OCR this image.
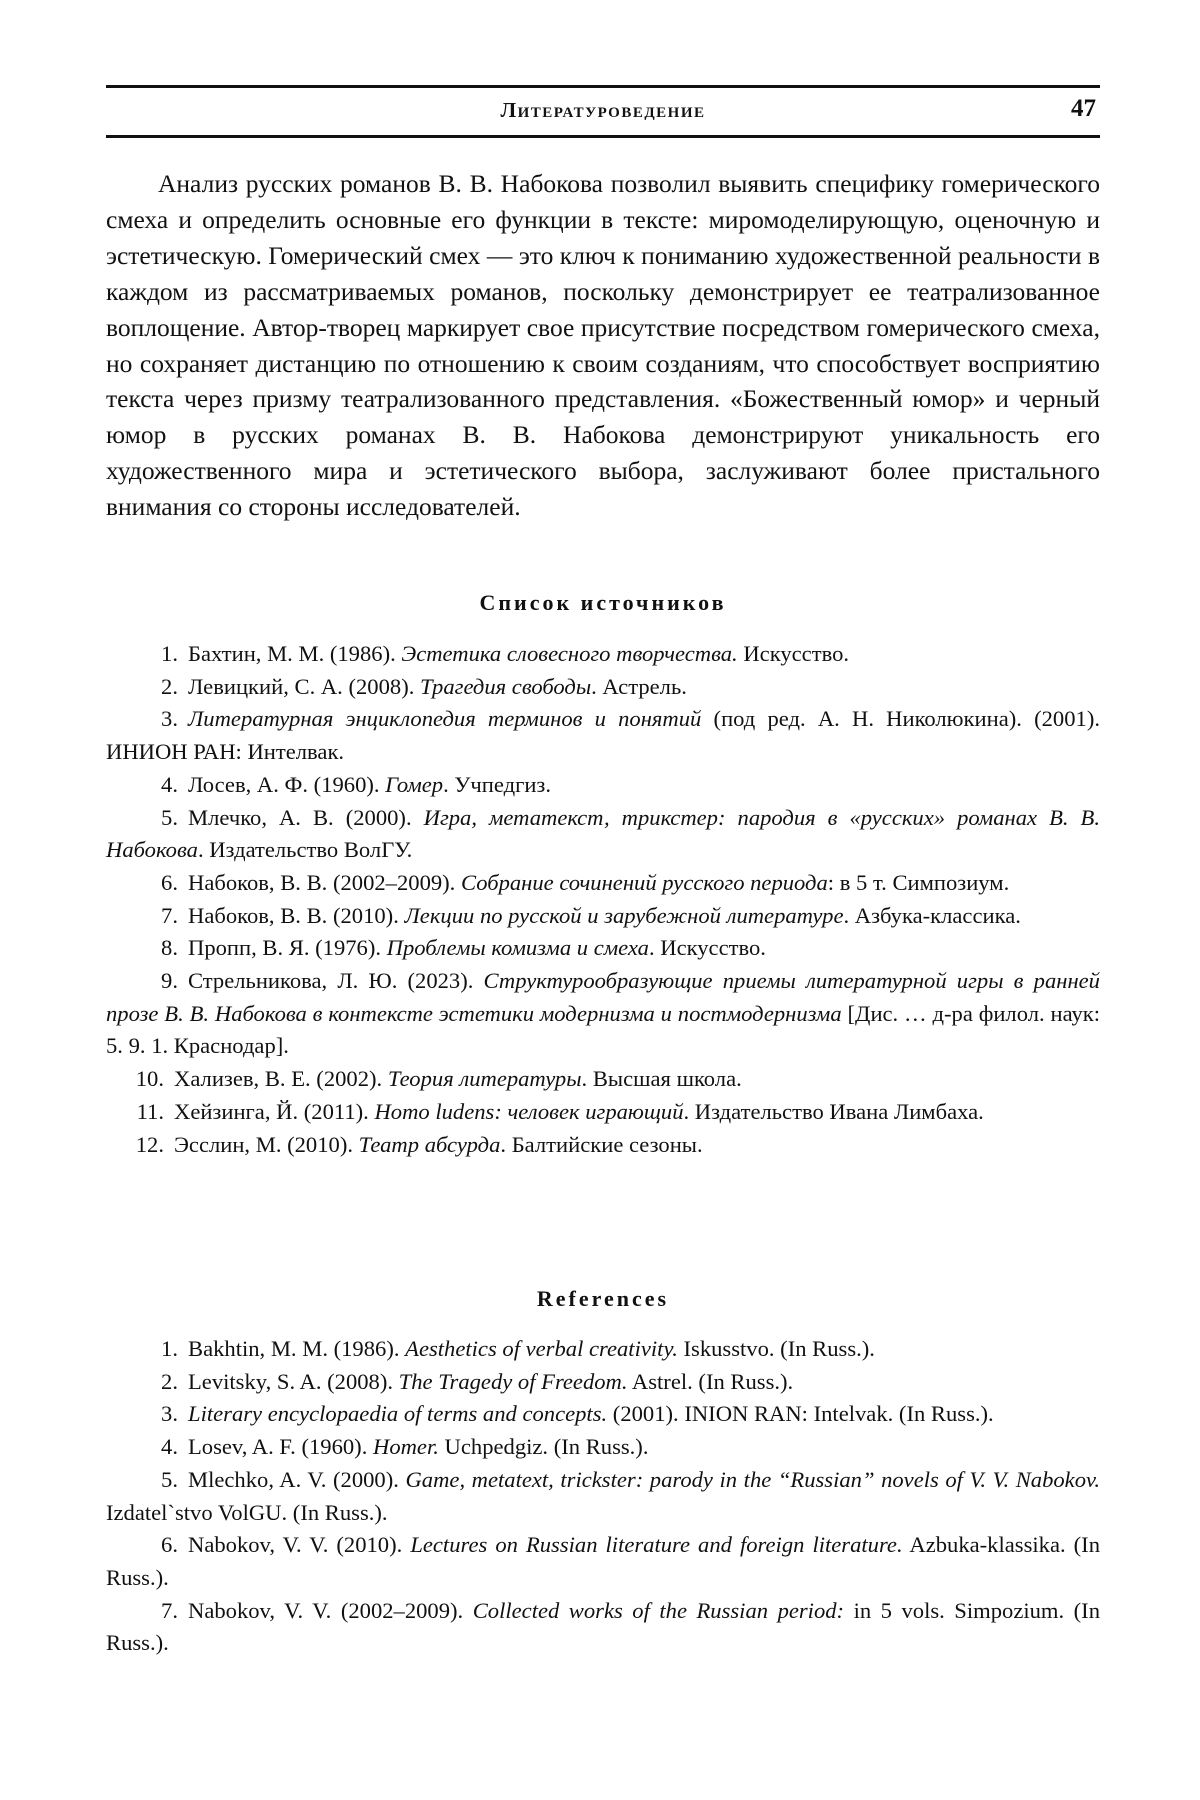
Литературоведение	47

Анализ русских романов В. В. Набокова позволил выявить специфику гомерического смеха и определить основные его функции в тексте: миромоделирующую, оценочную и эстетическую. Гомерический смех — это ключ к пониманию художественной реальности в каждом из рассматриваемых романов, поскольку демонстрирует ее театрализованное воплощение. Автор-творец маркирует свое присутствие посредством гомерического смеха, но сохраняет дистанцию по отношению к своим созданиям, что способствует восприятию текста через призму театрализованного представления. «Божественный юмор» и черный юмор в русских романах В. В. Набокова демонстрируют уникальность его художественного мира и эстетического выбора, заслуживают более пристального внимания со стороны исследователей.

Список источников

1. Бахтин, М. М. (1986). Эстетика словесного творчества. Искусство.

2. Левицкий, С. А. (2008). Трагедия свободы. Астрель.

3. Литературная энциклопедия терминов и понятий (под ред. А. Н. Николюки­на). (2001). ИНИОН РАН: Интелвак.

4. Лосев, А. Ф. (1960). Гомер. Учпедгиз.

5. Млечко, А. В. (2000). Игра, метатекст, трикстер: пародия в «русских» рома­нах В. В. Набокова. Издательство ВолГУ.

6. Набоков, В. В. (2002–2009). Собрание сочинений русского периода: в 5 т. Симпозиум.

7. Набоков, В. В. (2010). Лекции по русской и зарубежной литературе. Азбука-классика.

8. Пропп, В. Я. (1976). Проблемы комизма и смеха. Искусство.

9. Стрельникова, Л. Ю. (2023). Структурообразующие приемы литературной игры в ранней прозе В. В. Набокова в контексте эстетики модернизма и постмодер­низма [Дис. … д-ра филол. наук: 5. 9. 1. Краснодар].

10. Хализев, В. Е. (2002). Теория литературы. Высшая школа.

11. Хейзинга, Й. (2011). Homo ludens: человек играющий. Издательство Ивана Лимбаха.

12. Эсслин, М. (2010). Театр абсурда. Балтийские сезоны.

References

1. Bakhtin, M. M. (1986). Aesthetics of verbal creativity. Iskusstvo. (In Russ.).

2. Levitsky, S. A. (2008). The Tragedy of Freedom. Astrel. (In Russ.).

3. Literary encyclopaedia of terms and concepts. (2001). INION RAN: Intelvak. (In Russ.).

4. Losev, A. F. (1960). Homer. Uchpedgiz. (In Russ.).

5. Mlechko, A. V. (2000). Game, metatext, trickster: parody in the “Russian” novels of V. V. Nabokov. Izdatel`stvo VolGU. (In Russ.).

6. Nabokov, V. V. (2010). Lectures on Russian literature and foreign literature. Azbuka-klassika. (In Russ.).

7. Nabokov, V. V. (2002–2009). Collected works of the Russian period: in 5 vols. Simpozium. (In Russ.).
